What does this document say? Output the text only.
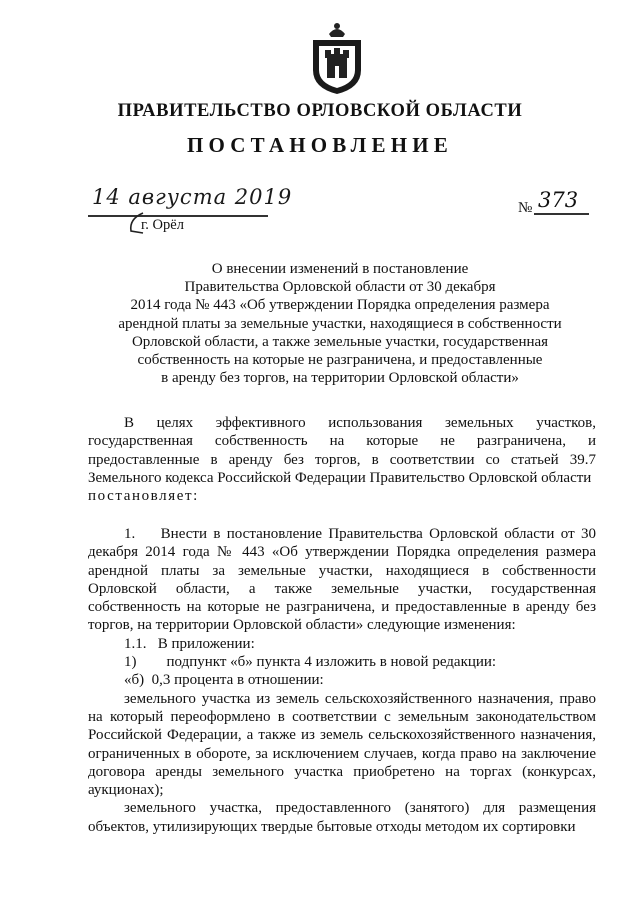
ПРАВИТЕЛЬСТВО ОРЛОВСКОЙ ОБЛАСТИ
ПОСТАНОВЛЕНИЕ
14 августа 2019
г. Орёл
№ 373
О внесении изменений в постановление
Правительства Орловской области от 30 декабря
2014 года № 443 «Об утверждении Порядка определения размера
арендной платы за земельные участки, находящиеся в собственности
Орловской области, а также земельные участки, государственная
собственность на которые не разграничена, и предоставленные
в аренду без торгов, на территории Орловской области»

В целях эффективного использования земельных участков, государственная собственность на которые не разграничена, и предоставленные в аренду без торгов, в соответствии со статьей 39.7 Земельного кодекса Российской Федерации Правительство Орловской области

постановляет:

1.    Внести в постановление Правительства Орловской области от 30 декабря 2014 года № 443 «Об утверждении Порядка определения размера арендной платы за земельные участки, находящиеся в собственности Орловской области, а также земельные участки, государственная собственность на которые не разграничена, и предоставленные в аренду без торгов, на территории Орловской области» следующие изменения:

1.1.   В приложении:

1)        подпункт «б» пункта 4 изложить в новой редакции:

«б)  0,3 процента в отношении:

земельного участка из земель сельскохозяйственного назначения, право на который переоформлено в соответствии с земельным законодательством Российской Федерации, а также из земель сельскохозяйственного назначения, ограниченных в обороте, за исключением случаев, когда право на заключение договора аренды земельного участка приобретено на торгах (конкурсах, аукционах);

земельного участка, предоставленного (занятого) для размещения объектов, утилизирующих твердые бытовые отходы методом их сортировки
